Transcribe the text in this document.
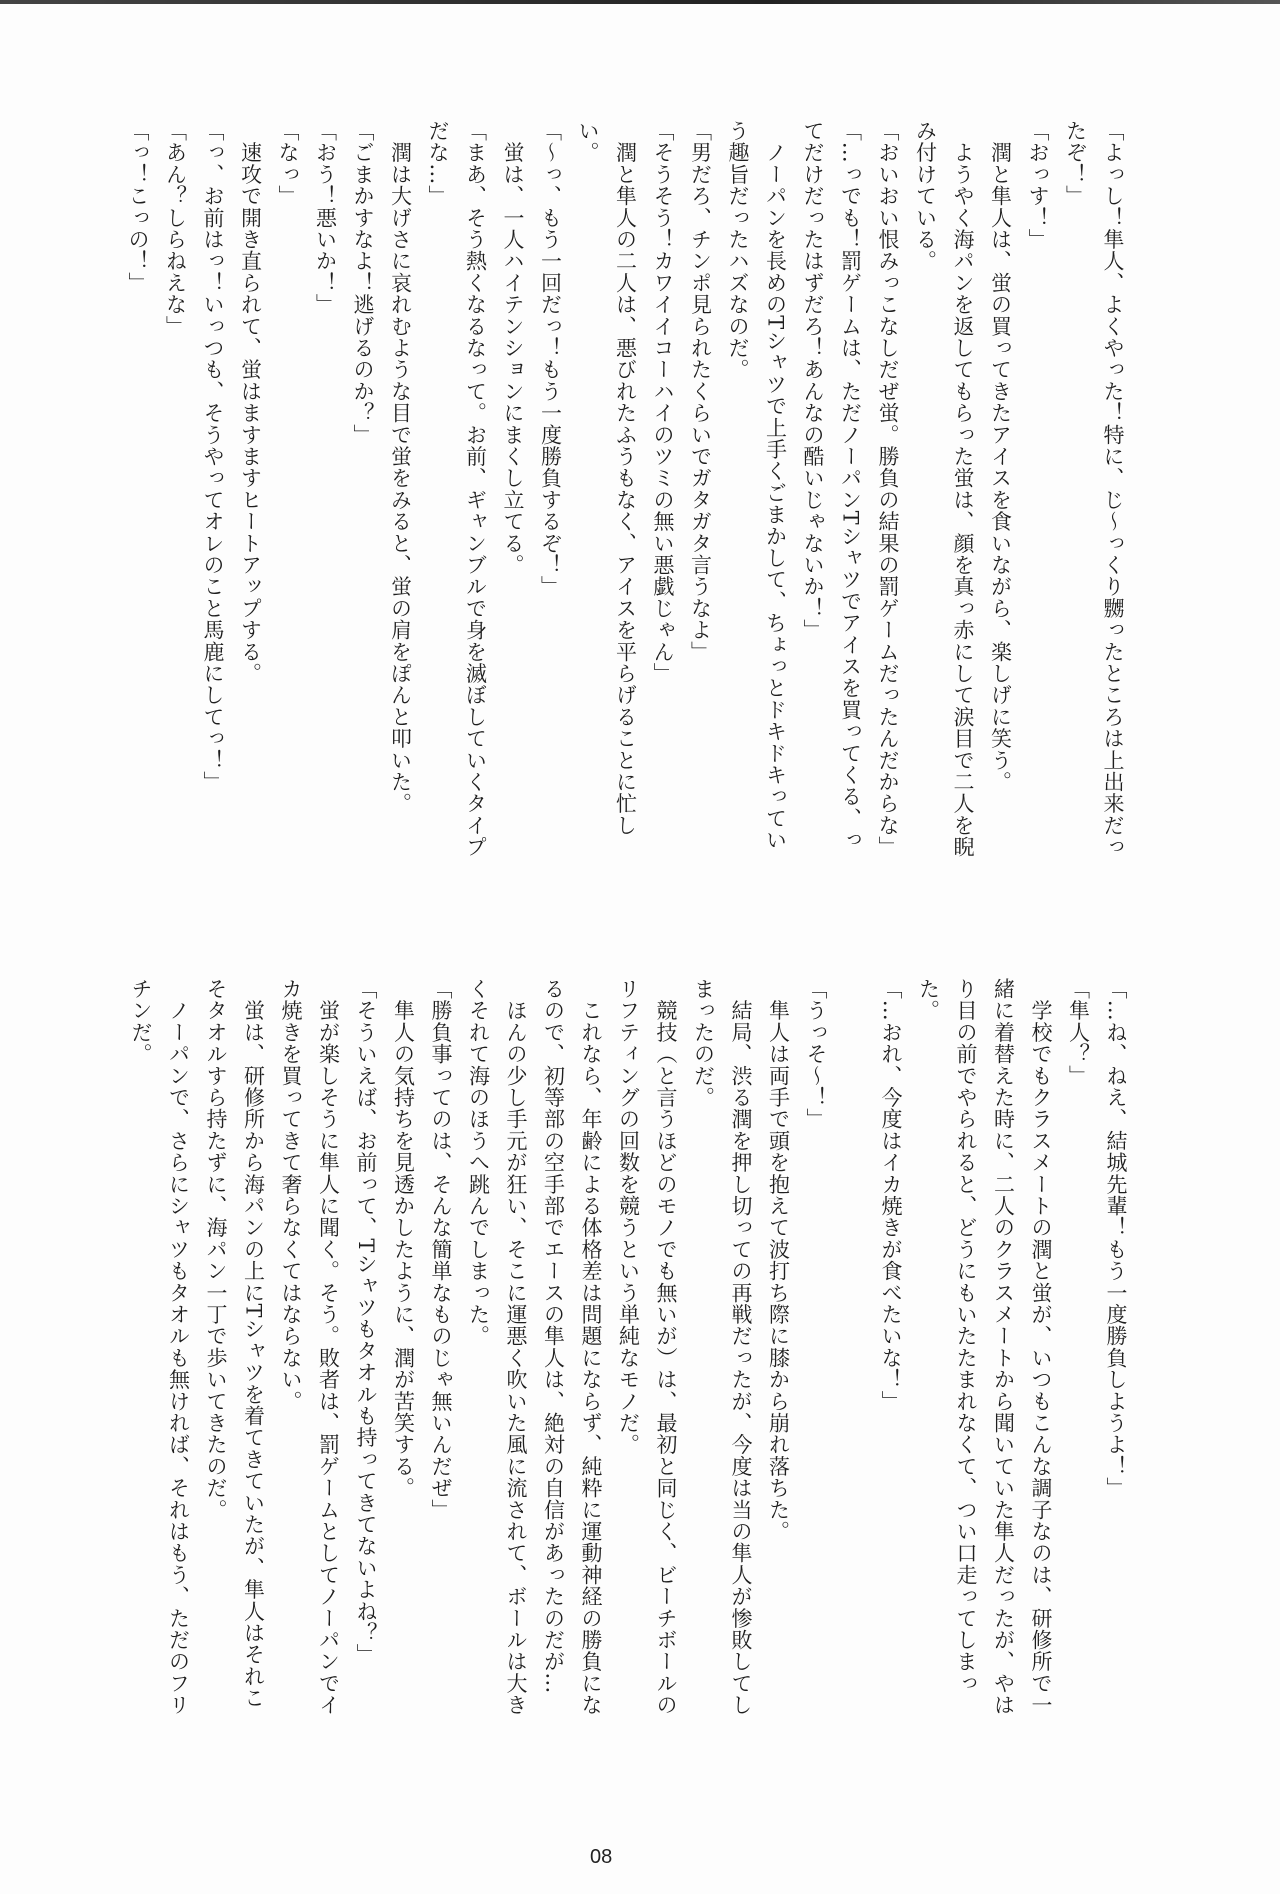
「よっし！隼人、よくやった！特に、じ〜っくり嬲ったところは上出来だっ
たぞ！」
「おっす！」
　潤と隼人は、蛍の買ってきたアイスを食いながら、楽しげに笑う。
　ようやく海パンを返してもらった蛍は、顔を真っ赤にして涙目で二人を睨
み付けている。
「おいおい恨みっこなしだぜ蛍。勝負の結果の罰ゲームだったんだからな」
「…っでも！罰ゲームは、ただノーパンTシャツでアイスを買ってくる、っ
てだけだったはずだろ！あんなの酷いじゃないか！」
　ノーパンを長めのTシャツで上手くごまかして、ちょっとドキドキってい
う趣旨だったハズなのだ。
「男だろ、チンポ見られたくらいでガタガタ言うなよ」
「そうそう！カワイイコーハイのツミの無い悪戯じゃん」
　潤と隼人の二人は、悪びれたふうもなく、アイスを平らげることに忙し
い。
「〜っ、もう一回だっ！もう一度勝負するぞ！」
　蛍は、一人ハイテンションにまくし立てる。
「まあ、そう熱くなるなって。お前、ギャンブルで身を滅ぼしていくタイプ
だな…」
　潤は大げさに哀れむような目で蛍をみると、蛍の肩をぽんと叩いた。
「ごまかすなよ！逃げるのか？」
「おう！悪いか！」
「なっ」
　速攻で開き直られて、蛍はますますヒートアップする。
「っ、お前はっ！いっつも、そうやってオレのこと馬鹿にしてっ！」
「あん？しらねえな」
「っ！こっの！」
「…ね、ねえ、結城先輩！もう一度勝負しようよ！」
「隼人？」
　学校でもクラスメートの潤と蛍が、いつもこんな調子なのは、研修所で一
緒に着替えた時に、二人のクラスメートから聞いていた隼人だったが、やは
り目の前でやられると、どうにもいたたまれなくて、つい口走ってしまっ
た。
「…おれ、今度はイカ焼きが食べたいな！」
「うっそ〜！」
　隼人は両手で頭を抱えて波打ち際に膝から崩れ落ちた。
　結局、渋る潤を押し切っての再戦だったが、今度は当の隼人が惨敗してし
まったのだ。
　競技（と言うほどのモノでも無いが）は、最初と同じく、ビーチボールの
リフティングの回数を競うという単純なモノだ。
　これなら、年齢による体格差は問題にならず、純粋に運動神経の勝負にな
るので、初等部の空手部でエースの隼人は、絶対の自信があったのだが…
　ほんの少し手元が狂い、そこに運悪く吹いた風に流されて、ボールは大き
くそれて海のほうへ跳んでしまった。
「勝負事ってのは、そんな簡単なものじゃ無いんだぜ」
　隼人の気持ちを見透かしたように、潤が苦笑する。
「そういえば、お前って、Tシャツもタオルも持ってきてないよね？」
　蛍が楽しそうに隼人に聞く。そう。敗者は、罰ゲームとしてノーパンでイ
カ焼きを買ってきて奢らなくてはならない。
　蛍は、研修所から海パンの上にTシャツを着てきていたが、隼人はそれこ
そタオルすら持たずに、海パン一丁で歩いてきたのだ。
　ノーパンで、さらにシャツもタオルも無ければ、それはもう、ただのフリ
チンだ。
08
